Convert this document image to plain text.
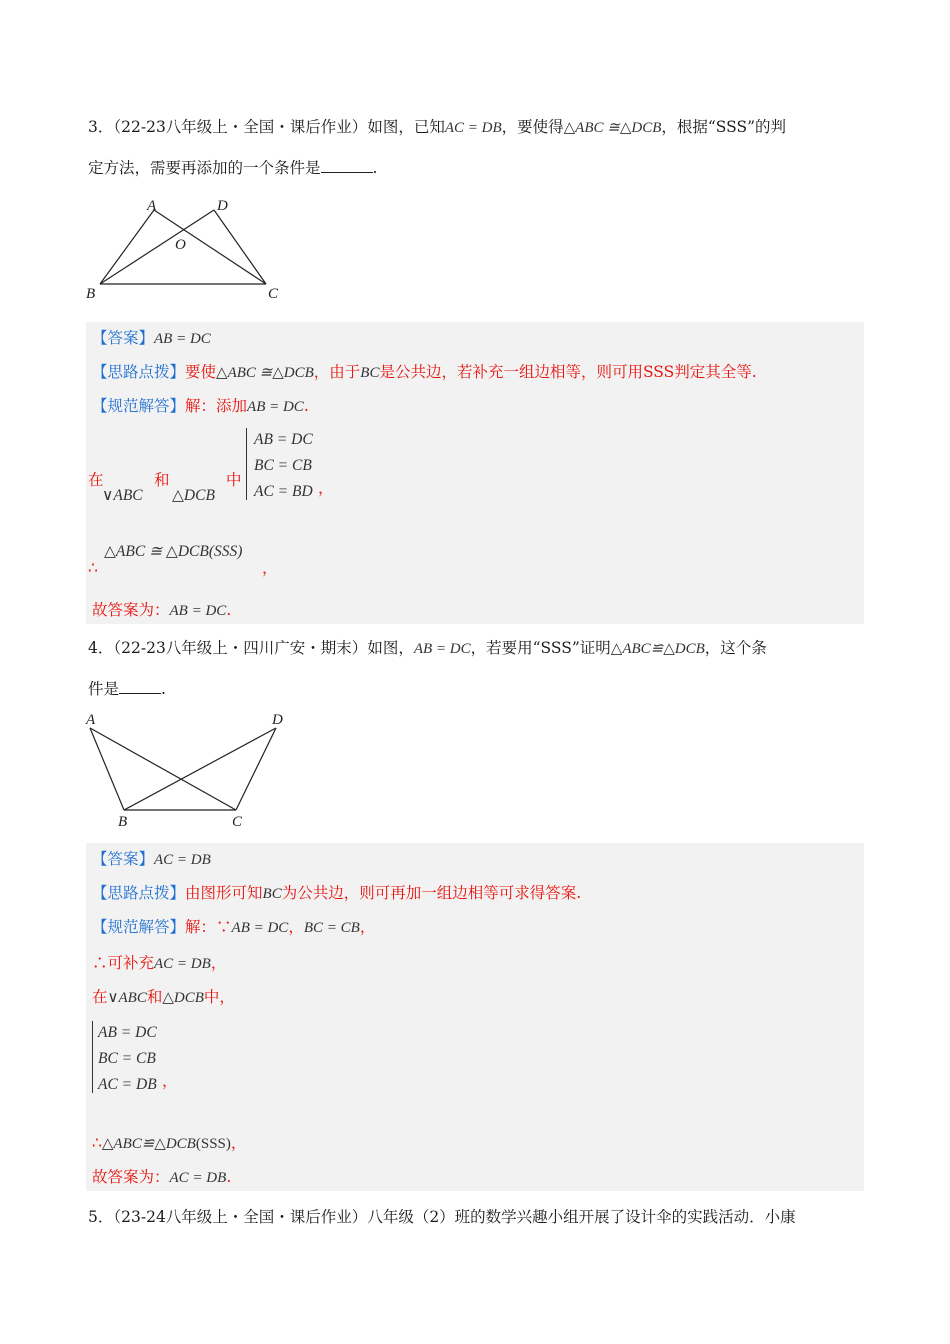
3．（22-23八年级上・全国・课后作业）如图，已知AC = DB，要使得△ABC ≅△DCB，根据“SSS”的判
定方法，需要再添加的一个条件是	.
A	D
O
B	C
【答案】AB = DC
【思路点拨】要使△ABC ≅△DCB，由于BC是公共边，若补充一组边相等，则可用SSS判定其全等.
【规范解答】解：添加AB = DC.
在	和	中
∨ABC △DCB
AB = DC
BC = CB
AC = BD ，
△ABC ≅ △DCB(SSS)
，
∴
故答案为：AB = DC.
4．（22-23八年级上・四川广安・期末）如图，AB = DC，若要用“SSS”证明△ABC≌△DCB，这个条
件是	.
A	D
B	C
【答案】AC = DB
【思路点拨】由图形可知BC为公共边，则可再加一组边相等可求得答案.
【规范解答】解：∵AB = DC，BC = CB，
∴可补充AC = DB，
在∨ABC和△DCB中，
AB = DC
BC = CB
AC = DB ，
∴△ABC≌△DCB(SSS)，
故答案为：AC = DB.
5．（23-24八年级上・全国・课后作业）八年级（2）班的数学兴趣小组开展了设计伞的实践活动．小康
